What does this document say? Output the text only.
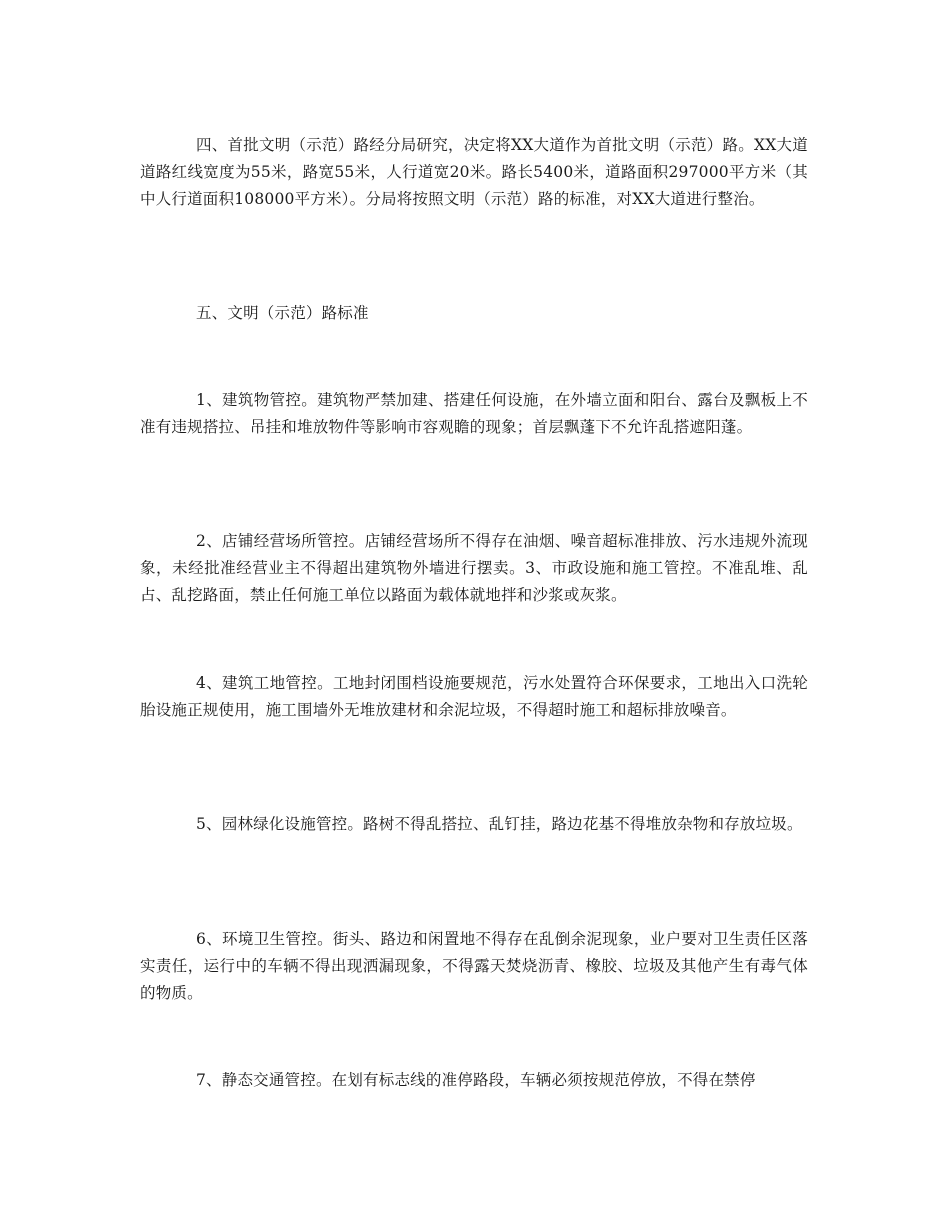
四、首批文明（示范）路经分局研究，决定将XX大道作为首批文明（示范）路。XX大道道路红线宽度为55米，路宽55米，人行道宽20米。路长5400米，道路面积297000平方米（其中人行道面积108000平方米）。分局将按照文明（示范）路的标准，对XX大道进行整治。

五、文明（示范）路标准

1、建筑物管控。建筑物严禁加建、搭建任何设施，在外墙立面和阳台、露台及飘板上不准有违规搭拉、吊挂和堆放物件等影响市容观瞻的现象；首层飘蓬下不允许乱搭遮阳蓬。

2、店铺经营场所管控。店铺经营场所不得存在油烟、噪音超标准排放、污水违规外流现象，未经批准经营业主不得超出建筑物外墙进行摆卖。3、市政设施和施工管控。不准乱堆、乱占、乱挖路面，禁止任何施工单位以路面为载体就地拌和沙浆或灰浆。

4、建筑工地管控。工地封闭围档设施要规范，污水处置符合环保要求，工地出入口洗轮胎设施正规使用，施工围墙外无堆放建材和余泥垃圾，不得超时施工和超标排放噪音。

5、园林绿化设施管控。路树不得乱搭拉、乱钉挂，路边花基不得堆放杂物和存放垃圾。

6、环境卫生管控。街头、路边和闲置地不得存在乱倒余泥现象，业户要对卫生责任区落实责任，运行中的车辆不得出现洒漏现象，不得露天焚烧沥青、橡胶、垃圾及其他产生有毒气体的物质。

7、静态交通管控。在划有标志线的准停路段，车辆必须按规范停放，不得在禁停
